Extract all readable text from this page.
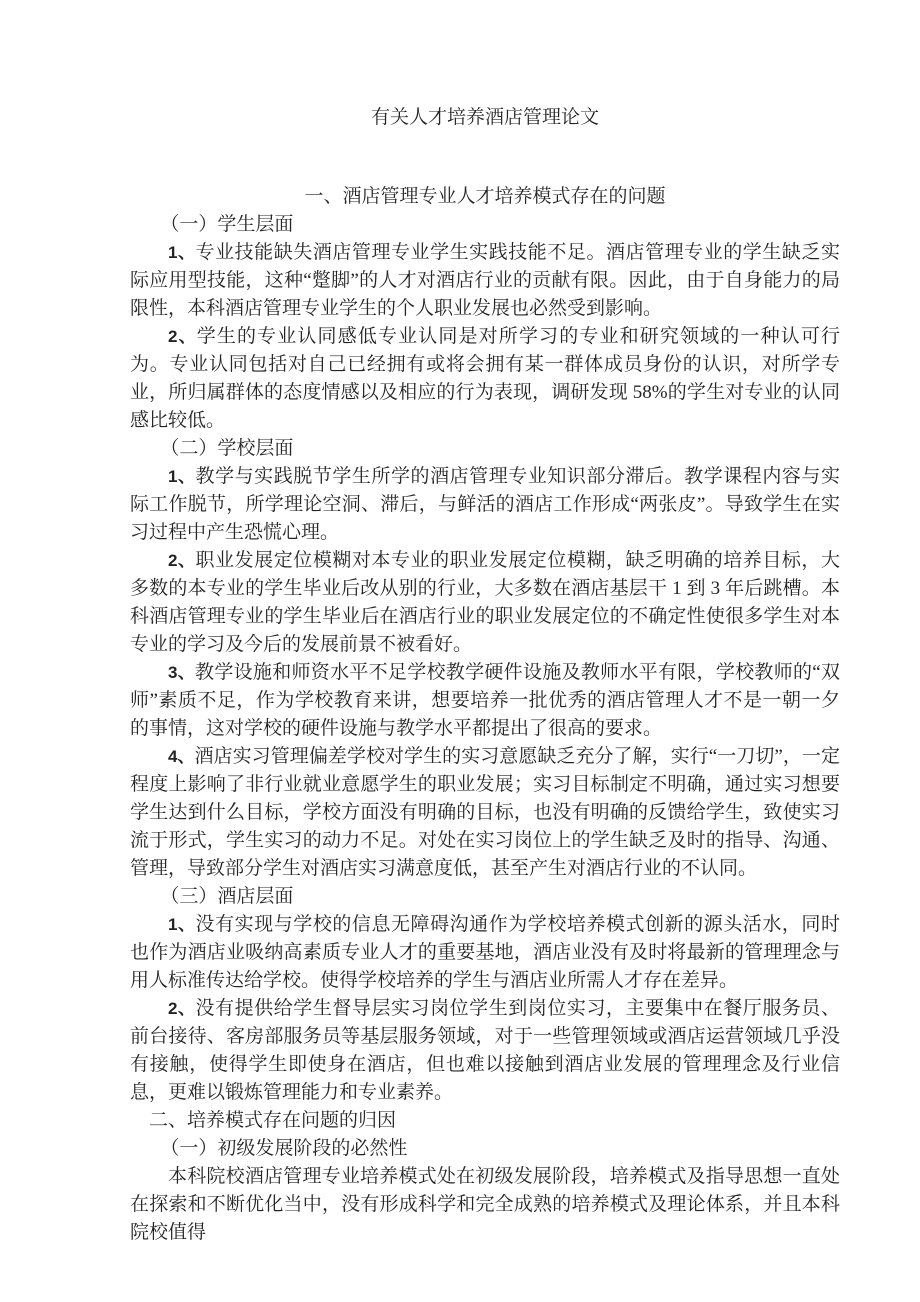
有关人才培养酒店管理论文
一、酒店管理专业人才培养模式存在的问题
（一）学生层面

1、专业技能缺失酒店管理专业学生实践技能不足。酒店管理专业的学生缺乏实际应用型技能，这种“蹩脚”的人才对酒店行业的贡献有限。因此，由于自身能力的局限性，本科酒店管理专业学生的个人职业发展也必然受到影响。

2、学生的专业认同感低专业认同是对所学习的专业和研究领域的一种认可行为。专业认同包括对自己已经拥有或将会拥有某一群体成员身份的认识，对所学专业，所归属群体的态度情感以及相应的行为表现，调研发现 58%的学生对专业的认同感比较低。

（二）学校层面

1、教学与实践脱节学生所学的酒店管理专业知识部分滞后。教学课程内容与实际工作脱节，所学理论空洞、滞后，与鲜活的酒店工作形成“两张皮”。导致学生在实习过程中产生恐慌心理。

2、职业发展定位模糊对本专业的职业发展定位模糊，缺乏明确的培养目标，大多数的本专业的学生毕业后改从别的行业，大多数在酒店基层干 1 到 3 年后跳槽。本科酒店管理专业的学生毕业后在酒店行业的职业发展定位的不确定性使很多学生对本专业的学习及今后的发展前景不被看好。

3、教学设施和师资水平不足学校教学硬件设施及教师水平有限，学校教师的“双师”素质不足，作为学校教育来讲，想要培养一批优秀的酒店管理人才不是一朝一夕的事情，这对学校的硬件设施与教学水平都提出了很高的要求。

4、酒店实习管理偏差学校对学生的实习意愿缺乏充分了解，实行“一刀切”，一定程度上影响了非行业就业意愿学生的职业发展；实习目标制定不明确，通过实习想要学生达到什么目标，学校方面没有明确的目标，也没有明确的反馈给学生，致使实习流于形式，学生实习的动力不足。对处在实习岗位上的学生缺乏及时的指导、沟通、管理，导致部分学生对酒店实习满意度低，甚至产生对酒店行业的不认同。

（三）酒店层面

1、没有实现与学校的信息无障碍沟通作为学校培养模式创新的源头活水，同时也作为酒店业吸纳高素质专业人才的重要基地，酒店业没有及时将最新的管理理念与用人标准传达给学校。使得学校培养的学生与酒店业所需人才存在差异。

2、没有提供给学生督导层实习岗位学生到岗位实习，主要集中在餐厅服务员、前台接待、客房部服务员等基层服务领域，对于一些管理领域或酒店运营领域几乎没有接触，使得学生即使身在酒店，但也难以接触到酒店业发展的管理理念及行业信息，更难以锻炼管理能力和专业素养。

二、培养模式存在问题的归因
（一）初级发展阶段的必然性

本科院校酒店管理专业培养模式处在初级发展阶段，培养模式及指导思想一直处在探索和不断优化当中，没有形成科学和完全成熟的培养模式及理论体系，并且本科院校值得
